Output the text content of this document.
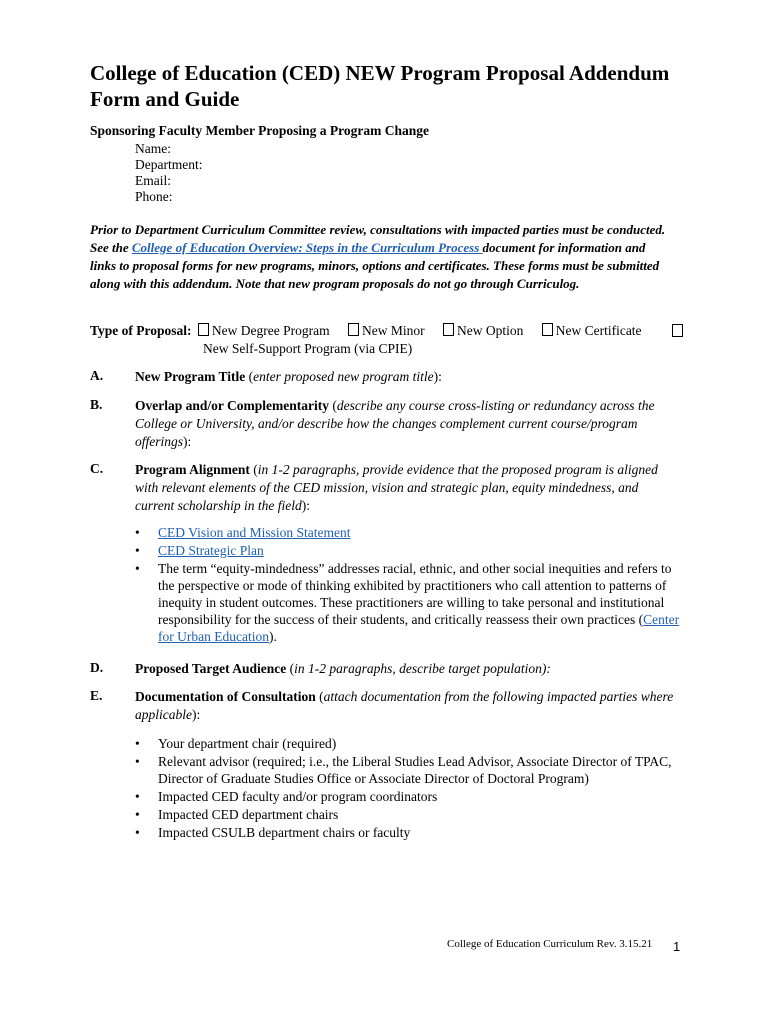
College of Education (CED) NEW Program Proposal Addendum Form and Guide
Sponsoring Faculty Member Proposing a Program Change
Name:
Department:
Email:
Phone:
Prior to Department Curriculum Committee review, consultations with impacted parties must be conducted. See the College of Education Overview: Steps in the Curriculum Process document for information and links to proposal forms for new programs, minors, options and certificates. These forms must be submitted along with this addendum. Note that new program proposals do not go through Curriculog.
Type of Proposal: New Degree Program New Minor New Option New Certificate
New Self-Support Program (via CPIE)
A. New Program Title (enter proposed new program title):
B. Overlap and/or Complementarity (describe any course cross-listing or redundancy across the College or University, and/or describe how the changes complement current course/program offerings):
C. Program Alignment (in 1-2 paragraphs, provide evidence that the proposed program is aligned with relevant elements of the CED mission, vision and strategic plan, equity mindedness, and current scholarship in the field):
• CED Vision and Mission Statement
• CED Strategic Plan
• The term “equity-mindedness” addresses racial, ethnic, and other social inequities and refers to the perspective or mode of thinking exhibited by practitioners who call attention to patterns of inequity in student outcomes. These practitioners are willing to take personal and institutional responsibility for the success of their students, and critically reassess their own practices (Center for Urban Education).
D. Proposed Target Audience (in 1-2 paragraphs, describe target population):
E. Documentation of Consultation (attach documentation from the following impacted parties where applicable):
• Your department chair (required)
• Relevant advisor (required; i.e., the Liberal Studies Lead Advisor, Associate Director of TPAC, Director of Graduate Studies Office or Associate Director of Doctoral Program)
• Impacted CED faculty and/or program coordinators
• Impacted CED department chairs
• Impacted CSULB department chairs or faculty
College of Education Curriculum Rev. 3.15.21 1
